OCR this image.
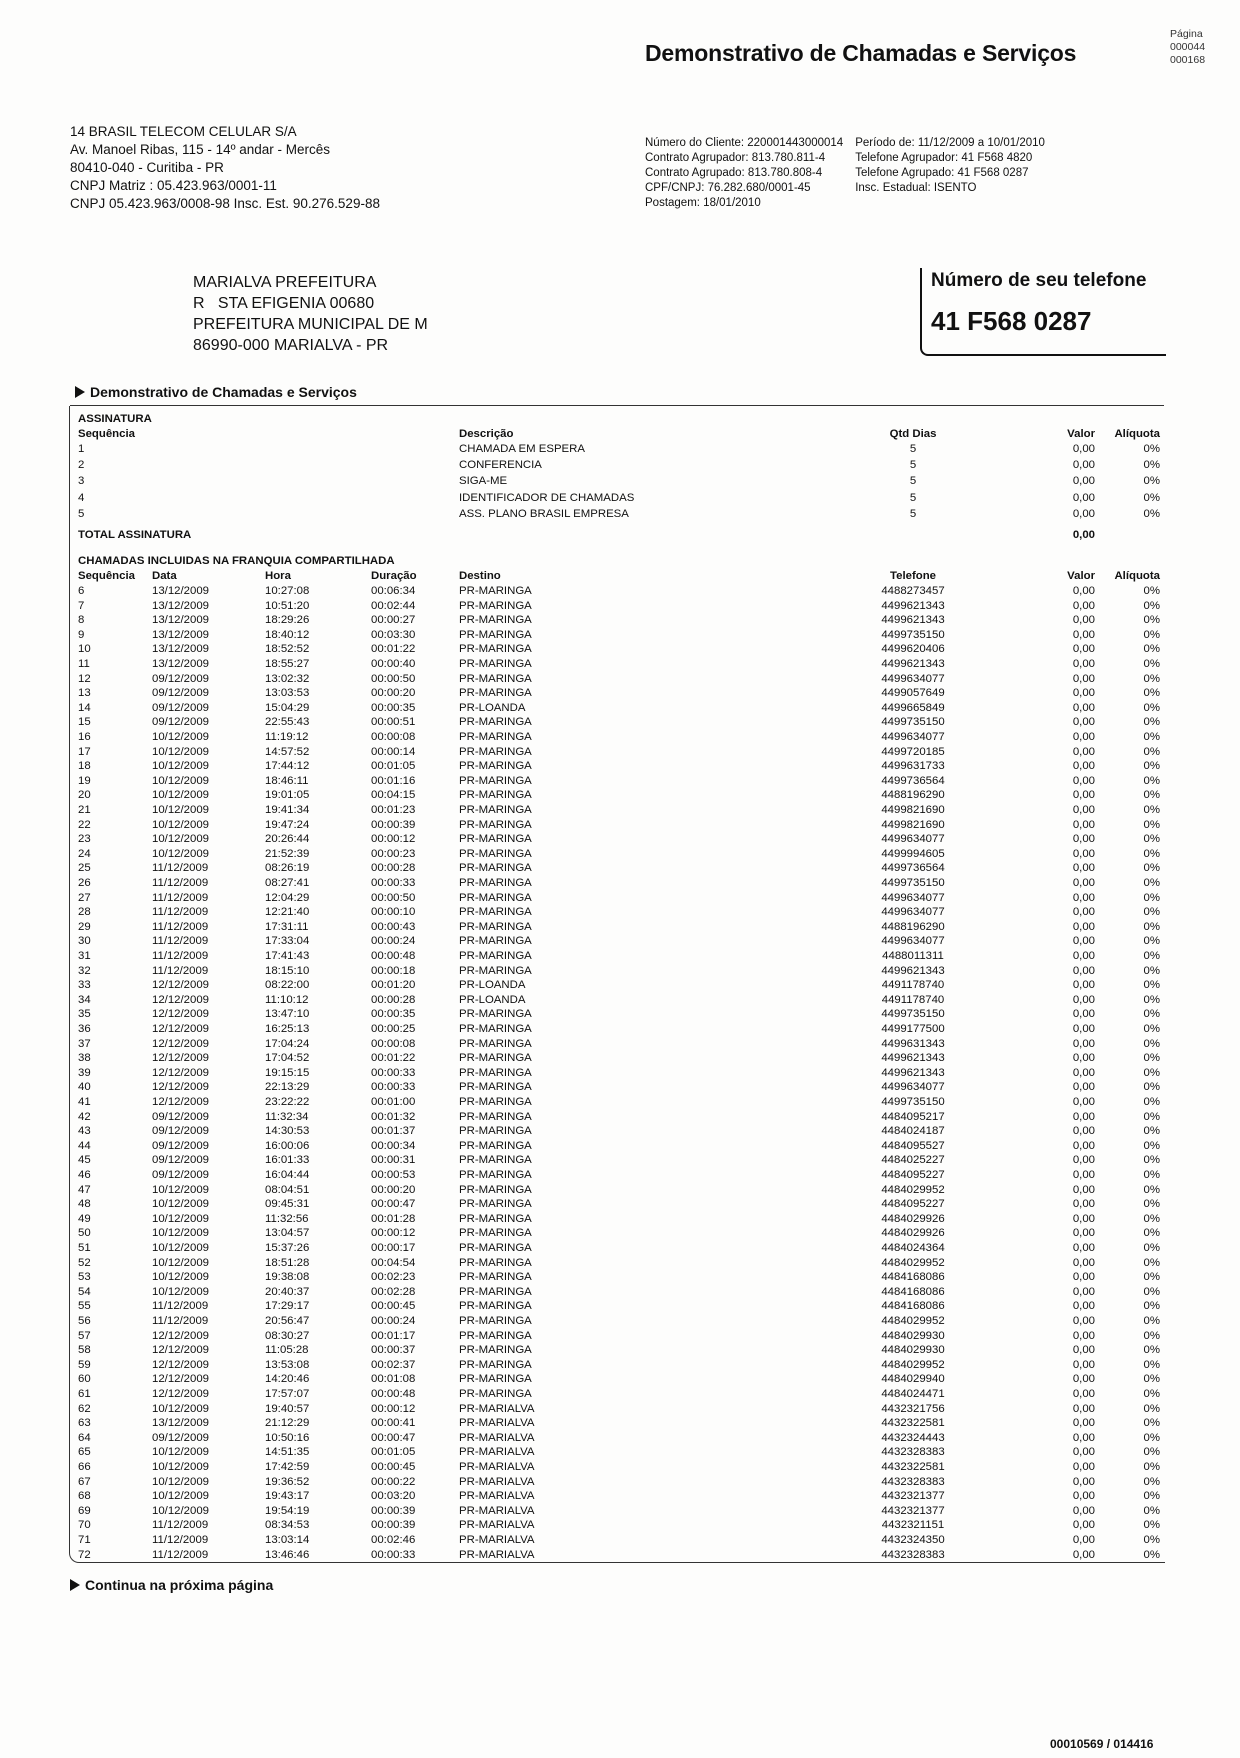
Demonstrativo de Chamadas e Serviços
Página
000044
000168
14 BRASIL TELECOM CELULAR S/A
Av. Manoel Ribas, 115 - 14º andar - Mercês
80410-040 - Curitiba - PR
CNPJ Matriz : 05.423.963/0001-11
CNPJ 05.423.963/0008-98 Insc. Est. 90.276.529-88
Número do Cliente: 220001443000014
Contrato Agrupador: 813.780.811-4
Contrato Agrupado: 813.780.808-4
CPF/CNPJ: 76.282.680/0001-45
Postagem: 18/01/2010
Período de: 11/12/2009 a 10/01/2010
Telefone Agrupador: 41 F568 4820
Telefone Agrupado: 41 F568 0287
Insc. Estadual: ISENTO
MARIALVA PREFEITURA
R   STA EFIGENIA 00680
PREFEITURA MUNICIPAL DE M
86990-000 MARIALVA - PR
Número de seu telefone
41 F568 0287
Demonstrativo de Chamadas e Serviços
ASSINATURA
Sequência	Descrição	Qtd Dias	Valor	Alíquota
1	CHAMADA EM ESPERA	5	0,00	0%
2	CONFERENCIA	5	0,00	0%
3	SIGA-ME	5	0,00	0%
4	IDENTIFICADOR DE CHAMADAS	5	0,00	0%
5	ASS. PLANO BRASIL EMPRESA	5	0,00	0%
TOTAL ASSINATURA	0,00
CHAMADAS INCLUIDAS NA FRANQUIA COMPARTILHADA
Sequência Data	Hora	Duração	Destino	Telefone	Valor	Alíquota
6	13/12/2009	10:27:08	00:06:34	PR-MARINGA	4488273457	0,00	0%
7	13/12/2009	10:51:20	00:02:44	PR-MARINGA	4499621343	0,00	0%
8	13/12/2009	18:29:26	00:00:27	PR-MARINGA	4499621343	0,00	0%
9	13/12/2009	18:40:12	00:03:30	PR-MARINGA	4499735150	0,00	0%
10	13/12/2009	18:52:52	00:01:22	PR-MARINGA	4499620406	0,00	0%
11	13/12/2009	18:55:27	00:00:40	PR-MARINGA	4499621343	0,00	0%
12	09/12/2009	13:02:32	00:00:50	PR-MARINGA	4499634077	0,00	0%
13	09/12/2009	13:03:53	00:00:20	PR-MARINGA	4499057649	0,00	0%
14	09/12/2009	15:04:29	00:00:35	PR-LOANDA	4499665849	0,00	0%
15	09/12/2009	22:55:43	00:00:51	PR-MARINGA	4499735150	0,00	0%
16	10/12/2009	11:19:12	00:00:08	PR-MARINGA	4499634077	0,00	0%
17	10/12/2009	14:57:52	00:00:14	PR-MARINGA	4499720185	0,00	0%
18	10/12/2009	17:44:12	00:01:05	PR-MARINGA	4499631733	0,00	0%
19	10/12/2009	18:46:11	00:01:16	PR-MARINGA	4499736564	0,00	0%
20	10/12/2009	19:01:05	00:04:15	PR-MARINGA	4488196290	0,00	0%
21	10/12/2009	19:41:34	00:01:23	PR-MARINGA	4499821690	0,00	0%
22	10/12/2009	19:47:24	00:00:39	PR-MARINGA	4499821690	0,00	0%
23	10/12/2009	20:26:44	00:00:12	PR-MARINGA	4499634077	0,00	0%
24	10/12/2009	21:52:39	00:00:23	PR-MARINGA	4499994605	0,00	0%
25	11/12/2009	08:26:19	00:00:28	PR-MARINGA	4499736564	0,00	0%
26	11/12/2009	08:27:41	00:00:33	PR-MARINGA	4499735150	0,00	0%
27	11/12/2009	12:04:29	00:00:50	PR-MARINGA	4499634077	0,00	0%
28	11/12/2009	12:21:40	00:00:10	PR-MARINGA	4499634077	0,00	0%
29	11/12/2009	17:31:11	00:00:43	PR-MARINGA	4488196290	0,00	0%
30	11/12/2009	17:33:04	00:00:24	PR-MARINGA	4499634077	0,00	0%
31	11/12/2009	17:41:43	00:00:48	PR-MARINGA	4488011311	0,00	0%
32	11/12/2009	18:15:10	00:00:18	PR-MARINGA	4499621343	0,00	0%
33	12/12/2009	08:22:00	00:01:20	PR-LOANDA	4491178740	0,00	0%
34	12/12/2009	11:10:12	00:00:28	PR-LOANDA	4491178740	0,00	0%
35	12/12/2009	13:47:10	00:00:35	PR-MARINGA	4499735150	0,00	0%
36	12/12/2009	16:25:13	00:00:25	PR-MARINGA	4499177500	0,00	0%
37	12/12/2009	17:04:24	00:00:08	PR-MARINGA	4499631343	0,00	0%
38	12/12/2009	17:04:52	00:01:22	PR-MARINGA	4499621343	0,00	0%
39	12/12/2009	19:15:15	00:00:33	PR-MARINGA	4499621343	0,00	0%
40	12/12/2009	22:13:29	00:00:33	PR-MARINGA	4499634077	0,00	0%
41	12/12/2009	23:22:22	00:01:00	PR-MARINGA	4499735150	0,00	0%
42	09/12/2009	11:32:34	00:01:32	PR-MARINGA	4484095217	0,00	0%
43	09/12/2009	14:30:53	00:01:37	PR-MARINGA	4484024187	0,00	0%
44	09/12/2009	16:00:06	00:00:34	PR-MARINGA	4484095527	0,00	0%
45	09/12/2009	16:01:33	00:00:31	PR-MARINGA	4484025227	0,00	0%
46	09/12/2009	16:04:44	00:00:53	PR-MARINGA	4484095227	0,00	0%
47	10/12/2009	08:04:51	00:00:20	PR-MARINGA	4484029952	0,00	0%
48	10/12/2009	09:45:31	00:00:47	PR-MARINGA	4484095227	0,00	0%
49	10/12/2009	11:32:56	00:01:28	PR-MARINGA	4484029926	0,00	0%
50	10/12/2009	13:04:57	00:00:12	PR-MARINGA	4484029926	0,00	0%
51	10/12/2009	15:37:26	00:00:17	PR-MARINGA	4484024364	0,00	0%
52	10/12/2009	18:51:28	00:04:54	PR-MARINGA	4484029952	0,00	0%
53	10/12/2009	19:38:08	00:02:23	PR-MARINGA	4484168086	0,00	0%
54	10/12/2009	20:40:37	00:02:28	PR-MARINGA	4484168086	0,00	0%
55	11/12/2009	17:29:17	00:00:45	PR-MARINGA	4484168086	0,00	0%
56	11/12/2009	20:56:47	00:00:24	PR-MARINGA	4484029952	0,00	0%
57	12/12/2009	08:30:27	00:01:17	PR-MARINGA	4484029930	0,00	0%
58	12/12/2009	11:05:28	00:00:37	PR-MARINGA	4484029930	0,00	0%
59	12/12/2009	13:53:08	00:02:37	PR-MARINGA	4484029952	0,00	0%
60	12/12/2009	14:20:46	00:01:08	PR-MARINGA	4484029940	0,00	0%
61	12/12/2009	17:57:07	00:00:48	PR-MARINGA	4484024471	0,00	0%
62	10/12/2009	19:40:57	00:00:12	PR-MARIALVA	4432321756	0,00	0%
63	13/12/2009	21:12:29	00:00:41	PR-MARIALVA	4432322581	0,00	0%
64	09/12/2009	10:50:16	00:00:47	PR-MARIALVA	4432324443	0,00	0%
65	10/12/2009	14:51:35	00:01:05	PR-MARIALVA	4432328383	0,00	0%
66	10/12/2009	17:42:59	00:00:45	PR-MARIALVA	4432322581	0,00	0%
67	10/12/2009	19:36:52	00:00:22	PR-MARIALVA	4432328383	0,00	0%
68	10/12/2009	19:43:17	00:03:20	PR-MARIALVA	4432321377	0,00	0%
69	10/12/2009	19:54:19	00:00:39	PR-MARIALVA	4432321377	0,00	0%
70	11/12/2009	08:34:53	00:00:39	PR-MARIALVA	4432321151	0,00	0%
71	11/12/2009	13:03:14	00:02:46	PR-MARIALVA	4432324350	0,00	0%
72	11/12/2009	13:46:46	00:00:33	PR-MARIALVA	4432328383	0,00	0%
Continua na próxima página
00010569 / 014416
